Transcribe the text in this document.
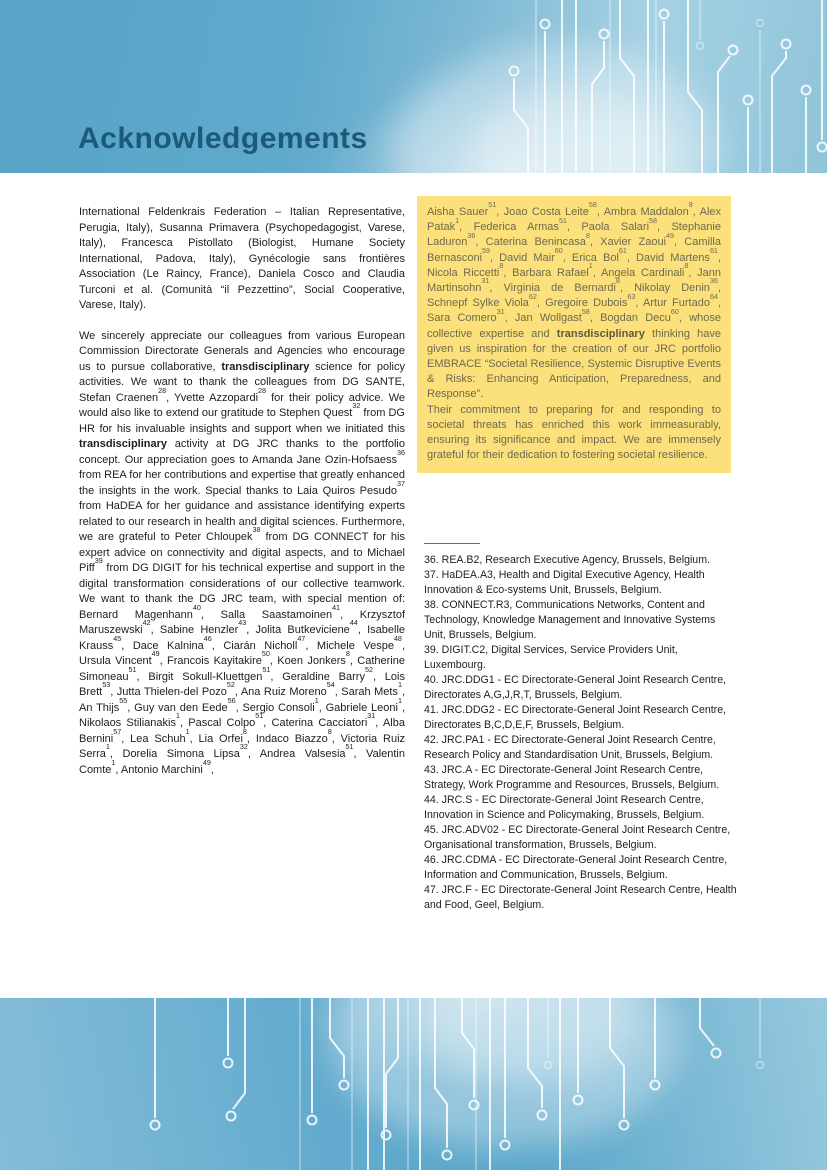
Acknowledgements

International Feldenkrais Federation – Italian Representative, Perugia, Italy), Susanna Primavera (Psychopedagogist, Varese, Italy), Francesca Pistollato (Biologist, Humane Society International, Padova, Italy), Gynécologie sans frontières Association (Le Raincy, France), Daniela Cosco and Claudia Turconi et al. (Comunità “il Pezzettino”, Social Cooperative, Varese, Italy).

We sincerely appreciate our colleagues from various European Commission Directorate Generals and Agencies who encourage us to pursue collaborative, transdisciplinary science for policy activities. We want to thank the colleagues from DG SANTE, Stefan Craenen$^{28}$, Yvette Azzopardi$^{28}$ for their policy advice. We would also like to extend our gratitude to Stephen Quest$^{32}$ from DG HR for his invaluable insights and support when we initiated this transdisciplinary activity at DG JRC thanks to the portfolio concept. Our appreciation goes to Amanda Jane Ozin-Hofsaess$^{36}$ from REA for her contributions and expertise that greatly enhanced the insights in the work. Special thanks to Laia Quiros Pesudo$^{37}$ from HaDEA for her guidance and assistance identifying experts related to our research in health and digital sciences. Furthermore, we are grateful to Peter Chloupek$^{38}$ from DG CONNECT for his expert advice on connectivity and digital aspects, and to Michael Piff$^{39}$ from DG DIGIT for his technical expertise and support in the digital transformation considerations of our collective teamwork. We want to thank the DG JRC team, with special mention of: Bernard Magenhann$^{40}$, Salla Saastamoinen$^{41}$, Krzysztof Maruszewski$^{42}$, Sabine Henzler$^{43}$, Jolita Butkeviciene$^{44}$, Isabelle Krauss$^{45}$, Dace Kalnina$^{46}$, Ciarán Nicholl$^{47}$, Michele Vespe$^{48}$, Ursula Vincent$^{49}$, Francois Kayitakire$^{50}$, Koen Jonkers$^8$, Catherine Simoneau$^{51}$, Birgit Sokull-Kluettgen$^{51}$, Geraldine Barry$^{52}$, Lois Brett$^{53}$, Jutta Thielen-del Pozo$^{52}$, Ana Ruiz Moreno$^{54}$, Sarah Mets$^1$, An Thijs$^{55}$, Guy van den Eede$^{56}$, Sergio Consoli$^1$, Gabriele Leoni$^1$, Nikolaos Stilianakis$^1$, Pascal Colpo$^{51}$, Caterina Cacciatori$^{31}$, Alba Bernini$^{57}$, Lea Schuh$^1$, Lia Orfei$^8$, Indaco Biazzo$^8$, Victoria Ruiz Serra$^1$, Dorelia Simona Lipsa$^{32}$, Andrea Valsesia$^{51}$, Valentin Comte$^1$, Antonio Marchini$^{49}$,

Aisha Sauer$^{51}$, Joao Costa Leite$^{58}$, Ambra Maddalon$^8$, Alex Patak$^1$, Federica Armas$^{51}$, Paola Salari$^{58}$, Stephanie Laduron$^{36}$, Caterina Benincasa$^8$, Xavier Zaoui$^{49}$, Camilla Bernasconi$^{59}$, David Mair$^{60}$, Erica Bol$^{61}$, David Martens$^{61}$, Nicola Riccetti$^8$, Barbara Rafael$^1$, Angela Cardinali$^8$, Jann Martinsohn$^{31}$, Virginia de Bernardi$^8$, Nikolay Denin$^{36}$, Schnepf Sylke Viola$^{62}$, Gregoire Dubois$^{63}$, Artur Furtado$^{64}$, Sara Comero$^{31}$, Jan Wollgast$^{58}$, Bogdan Decu$^{60}$, whose collective expertise and transdisciplinary thinking have given us inspiration for the creation of our JRC portfolio EMBRACE “Societal Resilience, Systemic Disruptive Events & Risks: Enhancing Anticipation, Preparedness, and Response”.

Their commitment to preparing for and responding to societal threats has enriched this work immeasurably, ensuring its significance and impact. We are immensely grateful for their dedication to fostering societal resilience.

36. REA.B2, Research Executive Agency, Brussels, Belgium.
37. HaDEA.A3, Health and Digital Executive Agency, Health Innovation & Eco-systems Unit, Brussels, Belgium.
38. CONNECT.R3, Communications Networks, Content and Technology, Knowledge Management and Innovative Systems Unit, Brussels, Belgium.
39. DIGIT.C2, Digital Services, Service Providers Unit, Luxembourg.
40. JRC.DDG1 - EC Directorate-General Joint Research Centre, Directorates A,G,J,R,T, Brussels, Belgium.
41. JRC.DDG2 - EC Directorate-General Joint Research Centre, Directorates B,C,D,E,F, Brussels, Belgium.
42. JRC.PA1 - EC Directorate-General Joint Research Centre, Research Policy and Standardisation Unit, Brussels, Belgium.
43. JRC.A - EC Directorate-General Joint Research Centre, Strategy, Work Programme and Resources, Brussels, Belgium.
44. JRC.S - EC Directorate-General Joint Research Centre, Innovation in Science and Policymaking, Brussels, Belgium.
45. JRC.ADV02 - EC Directorate-General Joint Research Centre, Organisational transformation, Brussels, Belgium.
46. JRC.CDMA - EC Directorate-General Joint Research Centre, Information and Communication, Brussels, Belgium.
47. JRC.F - EC Directorate-General Joint Research Centre, Health and Food, Geel, Belgium.
